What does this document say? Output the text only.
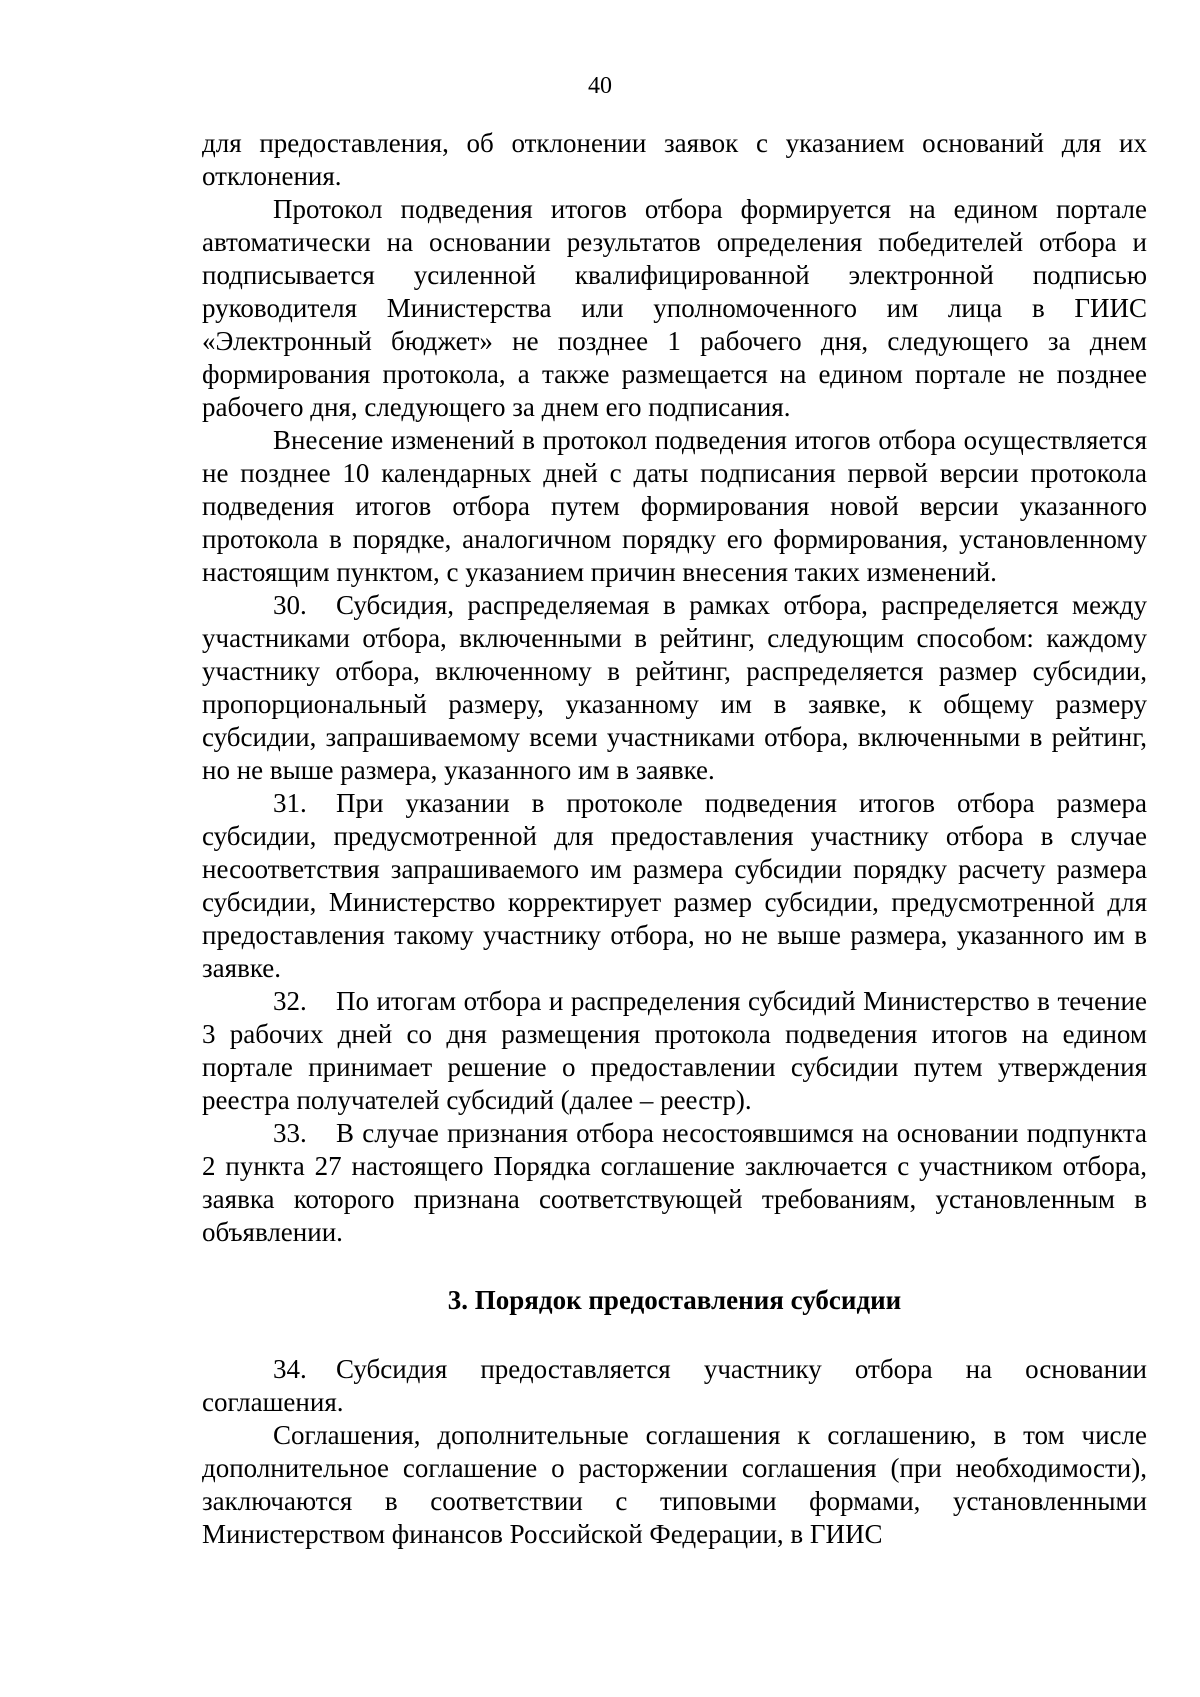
40

для предоставления, об отклонении заявок с указанием оснований для их отклонения.

Протокол подведения итогов отбора формируется на едином портале автоматически на основании результатов определения победителей отбора и подписывается усиленной квалифицированной электронной подписью руководителя Министерства или уполномоченного им лица в ГИИС «Электронный бюджет» не позднее 1 рабочего дня, следующего за днем формирования протокола, а также размещается на едином портале не позднее рабочего дня, следующего за днем его подписания.

Внесение изменений в протокол подведения итогов отбора осуществляется не позднее 10 календарных дней с даты подписания первой версии протокола подведения итогов отбора путем формирования новой версии указанного протокола в порядке, аналогичном порядку его формирования, установленному настоящим пунктом, с указанием причин внесения таких изменений.

30. Субсидия, распределяемая в рамках отбора, распределяется между участниками отбора, включенными в рейтинг, следующим способом: каждому участнику отбора, включенному в рейтинг, распределяется размер субсидии, пропорциональный размеру, указанному им в заявке, к общему размеру субсидии, запрашиваемому всеми участниками отбора, включенными в рейтинг, но не выше размера, указанного им в заявке.

31. При указании в протоколе подведения итогов отбора размера субсидии, предусмотренной для предоставления участнику отбора в случае несоответствия запрашиваемого им размера субсидии порядку расчету размера субсидии, Министерство корректирует размер субсидии, предусмотренной для предоставления такому участнику отбора, но не выше размера, указанного им в заявке.

32. По итогам отбора и распределения субсидий Министерство в течение 3 рабочих дней со дня размещения протокола подведения итогов на едином портале принимает решение о предоставлении субсидии путем утверждения реестра получателей субсидий (далее – реестр).

33. В случае признания отбора несостоявшимся на основании подпункта 2 пункта 27 настоящего Порядка соглашение заключается с участником отбора, заявка которого признана соответствующей требованиям, установленным в объявлении.

3. Порядок предоставления субсидии

34. Субсидия предоставляется участнику отбора на основании соглашения.

Соглашения, дополнительные соглашения к соглашению, в том числе дополнительное соглашение о расторжении соглашения (при необходимости), заключаются в соответствии с типовыми формами, установленными Министерством финансов Российской Федерации, в ГИИС
